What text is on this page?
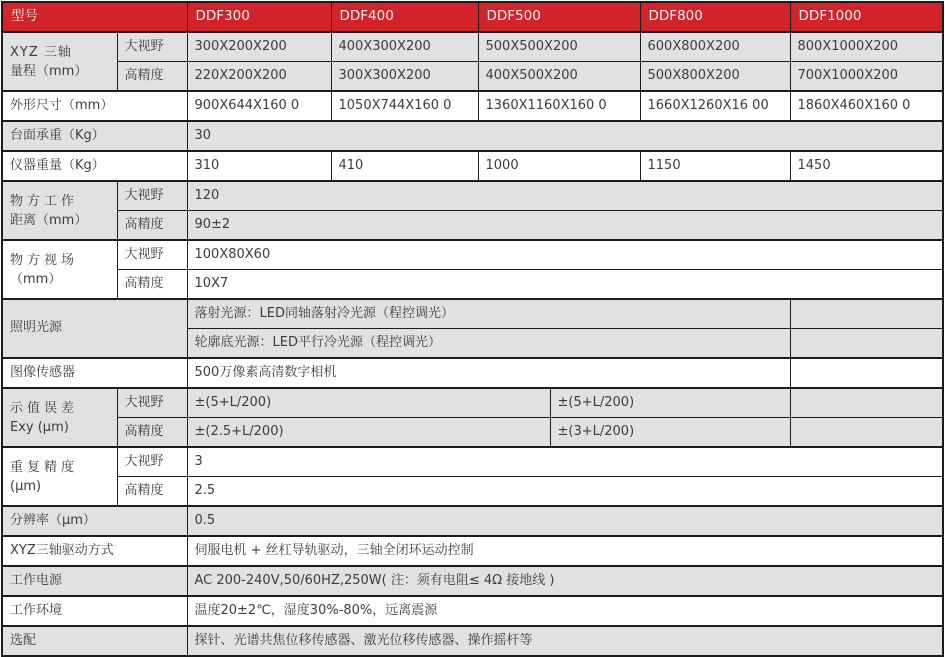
型号		DDF300	DDF400	DDF500		DDF800	DDF1000

XYZ 三轴
量程（mm）	大视野	300X200X200	400X300X200	500X500X200		600X800X200	800X1000X200
	高精度	220X200X200	300X300X200	400X500X200		500X800X200	700X1000X200
外形尺寸（mm）		900X644X160 0	1050X744X160 0	1360X1160X160 0		1660X1260X16 00	1860X460X160 0
台面承重（Kg）		30					
仪器重量（Kg）		310	410	1000		1150	1450

物方工作
距离（mm）	大视野	120					
	高精度	90±2					

物方视场
（mm）	大视野	100X80X60					
	高精度	10X7					
照明光源		落射光源：LED同轴落射冷光源（程控调光）					
		轮廓底光源：LED平行冷光源（程控调光）					
图像传感器		500万像素高清数字相机					

示值误差
Exy (μm)	大视野	±(5+L/200)			±(5+L/200)		
	高精度	±(2.5+L/200)			±(3+L/200)		

重复精度
(μm)	大视野	3					
	高精度	2.5					
分辨率（μm）		0.5					
XYZ三轴驱动方式		伺服电机 + 丝杠导轨驱动，三轴全闭环运动控制					
工作电源		AC 200-240V,50/60HZ,250W( 注：须有电阻≤ 4Ω 接地线 )					
工作环境		温度20±2℃，湿度30%-80%，远离震源					
选配		探针、光谱共焦位移传感器、激光位移传感器、操作摇杆等					
